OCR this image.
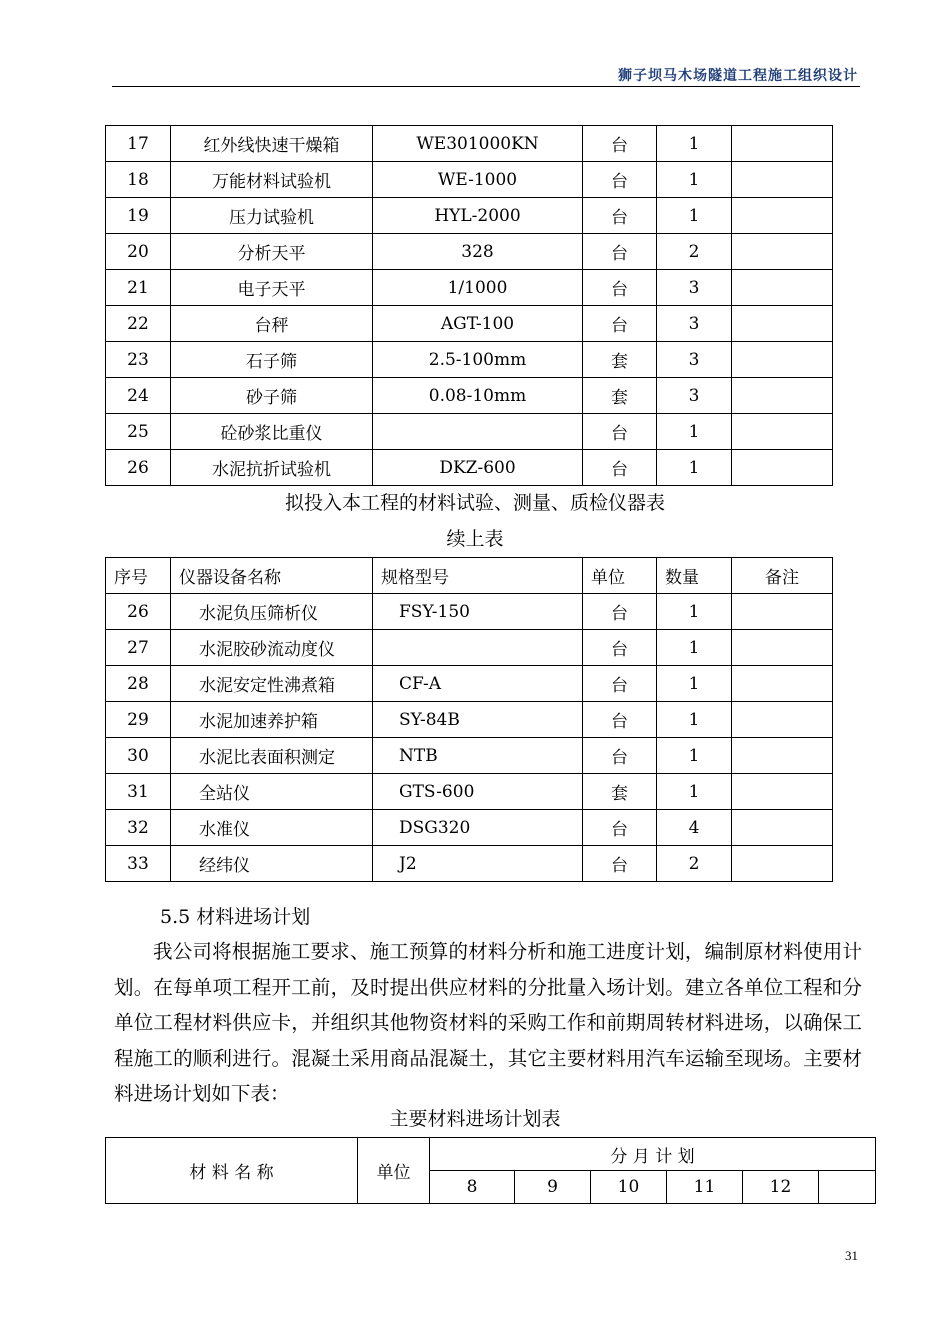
狮子坝马木场隧道工程施工组织设计
17	红外线快速干燥箱	WE301000KN	台	1	
18	万能材料试验机	WE-1000	台	1	
19	压力试验机	HYL-2000	台	1	
20	分析天平	328	台	2	
21	电子天平	1/1000	台	3	
22	台秤	AGT-100	台	3	
23	石子筛	2.5-100mm	套	3	
24	砂子筛	0.08-10mm	套	3	
25	砼砂浆比重仪		台	1	
26	水泥抗折试验机	DKZ-600	台	1	
拟投入本工程的材料试验、测量、质检仪器表
续上表
序号	仪器设备名称	规格型号	单位	数量	备注
26	水泥负压筛析仪	FSY-150	台	1	
27	水泥胶砂流动度仪		台	1	
28	水泥安定性沸煮箱	CF-A	台	1	
29	水泥加速养护箱	SY-84B	台	1	
30	水泥比表面积测定	NTB	台	1	
31	全站仪	GTS-600	套	1	
32	水准仪	DSG320	台	4	
33	经纬仪	J2	台	2	
5.5 材料进场计划
我公司将根据施工要求、施工预算的材料分析和施工进度计划，编制原材料使用计划。在每单项工程开工前，及时提出供应材料的分批量入场计划。建立各单位工程和分单位工程材料供应卡，并组织其他物资材料的采购工作和前期周转材料进场，以确保工程施工的顺利进行。混凝土采用商品混凝土，其它主要材料用汽车运输至现场。主要材料进场计划如下表：
主要材料进场计划表
材 料 名 称	单位	分 月 计 划					
		8	9	10	11	12	
31
